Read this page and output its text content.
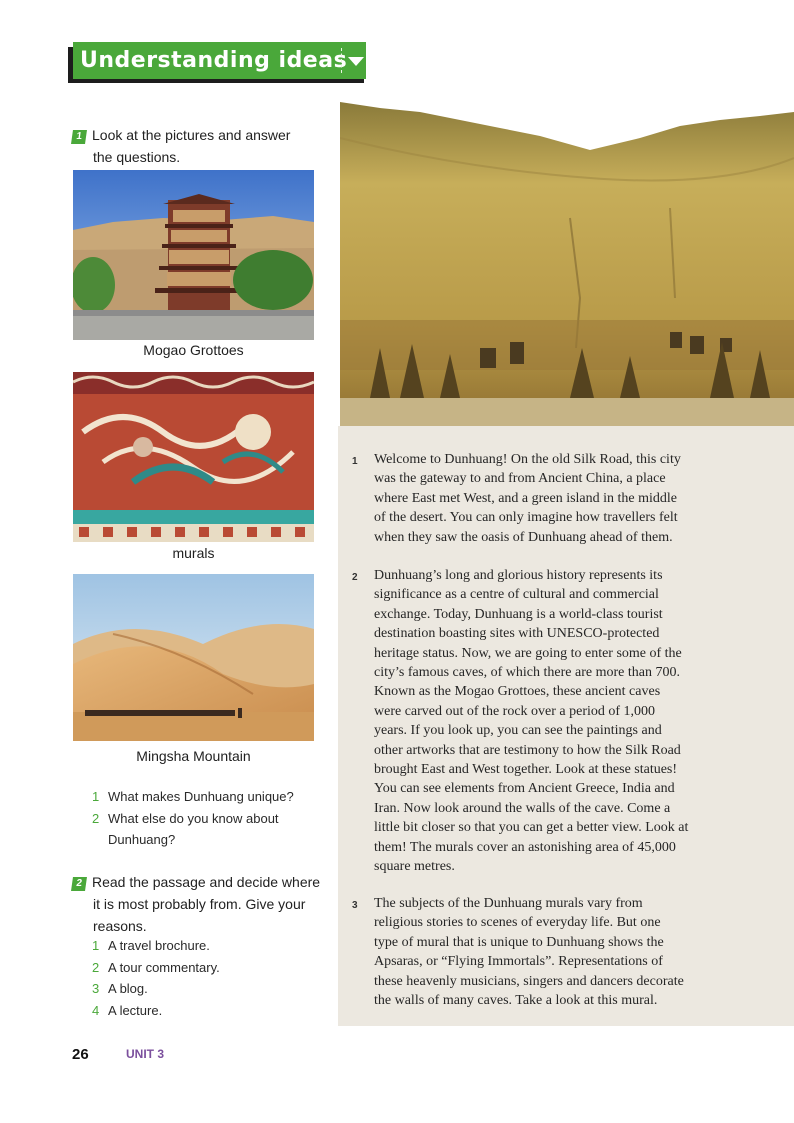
Understanding ideas
1 Look at the pictures and answer
the questions.
Mogao Grottoes
murals
Mingsha Mountain
1 What makes Dunhuang unique?
2 What else do you know about
Dunhuang?
2 Read the passage and decide where
it is most probably from. Give your
reasons.
1 A travel brochure.
2 A tour commentary.
3 A blog.
4 A lecture.
26	UNIT 3
1 Welcome to Dunhuang! On the old Silk Road, this city
was the gateway to and from Ancient China, a place
where East met West, and a green island in the middle
of the desert. You can only imagine how travellers felt
when they saw the oasis of Dunhuang ahead of them.
2 Dunhuang’s long and glorious history represents its
significance as a centre of cultural and commercial
exchange. Today, Dunhuang is a world-class tourist
destination boasting sites with UNESCO-protected
heritage status. Now, we are going to enter some of the
city’s famous caves, of which there are more than 700.
Known as the Mogao Grottoes, these ancient caves
were carved out of the rock over a period of 1,000
years. If you look up, you can see the paintings and
other artworks that are testimony to how the Silk Road
brought East and West together. Look at these statues!
You can see elements from Ancient Greece, India and
Iran. Now look around the walls of the cave. Come a
little bit closer so that you can get a better view. Look at
them! The murals cover an astonishing area of 45,000
square metres.
3 The subjects of the Dunhuang murals vary from
religious stories to scenes of everyday life. But one
type of mural that is unique to Dunhuang shows the
Apsaras, or “Flying Immortals”. Representations of
these heavenly musicians, singers and dancers decorate
the walls of many caves. Take a look at this mural.
